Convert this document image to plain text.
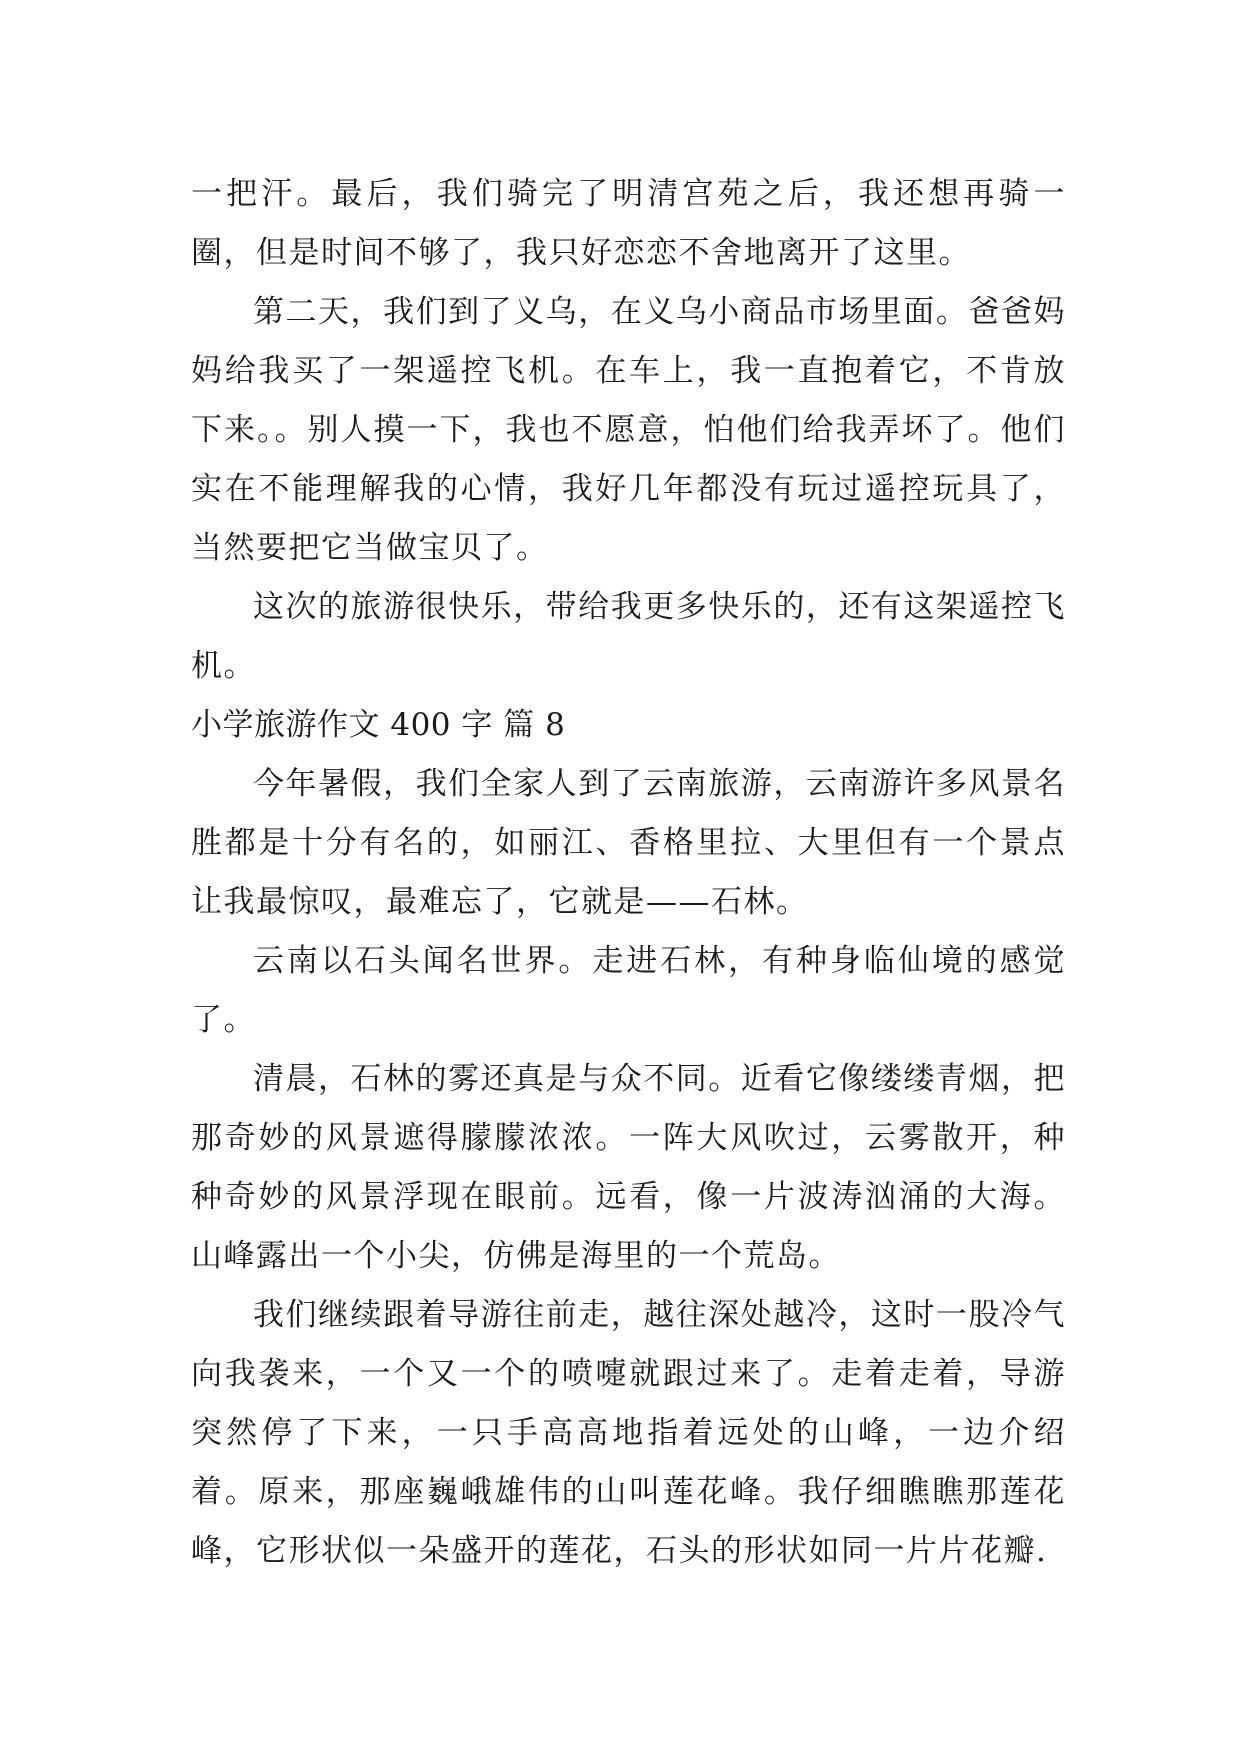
一把汗。最后，我们骑完了明清宫苑之后，我还想再骑一圈，但是时间不够了，我只好恋恋不舍地离开了这里。

第二天，我们到了义乌，在义乌小商品市场里面。爸爸妈妈给我买了一架遥控飞机。在车上，我一直抱着它，不肯放下来。。别人摸一下，我也不愿意，怕他们给我弄坏了。他们实在不能理解我的心情，我好几年都没有玩过遥控玩具了，当然要把它当做宝贝了。

这次的旅游很快乐，带给我更多快乐的，还有这架遥控飞机。

小学旅游作文 400 字 篇 8

今年暑假，我们全家人到了云南旅游，云南游许多风景名胜都是十分有名的，如丽江、香格里拉、大里但有一个景点让我最惊叹，最难忘了，它就是——石林。

云南以石头闻名世界。走进石林，有种身临仙境的感觉了。

清晨，石林的雾还真是与众不同。近看它像缕缕青烟，把那奇妙的风景遮得朦朦浓浓。一阵大风吹过，云雾散开，种种奇妙的风景浮现在眼前。远看，像一片波涛汹涌的大海。山峰露出一个小尖，仿佛是海里的一个荒岛。

我们继续跟着导游往前走，越往深处越冷，这时一股冷气向我袭来，一个又一个的喷嚏就跟过来了。走着走着，导游突然停了下来，一只手高高地指着远处的山峰，一边介绍着。原来，那座巍峨雄伟的山叫莲花峰。我仔细瞧瞧那莲花峰，它形状似一朵盛开的莲花，石头的形状如同一片片花瓣.
